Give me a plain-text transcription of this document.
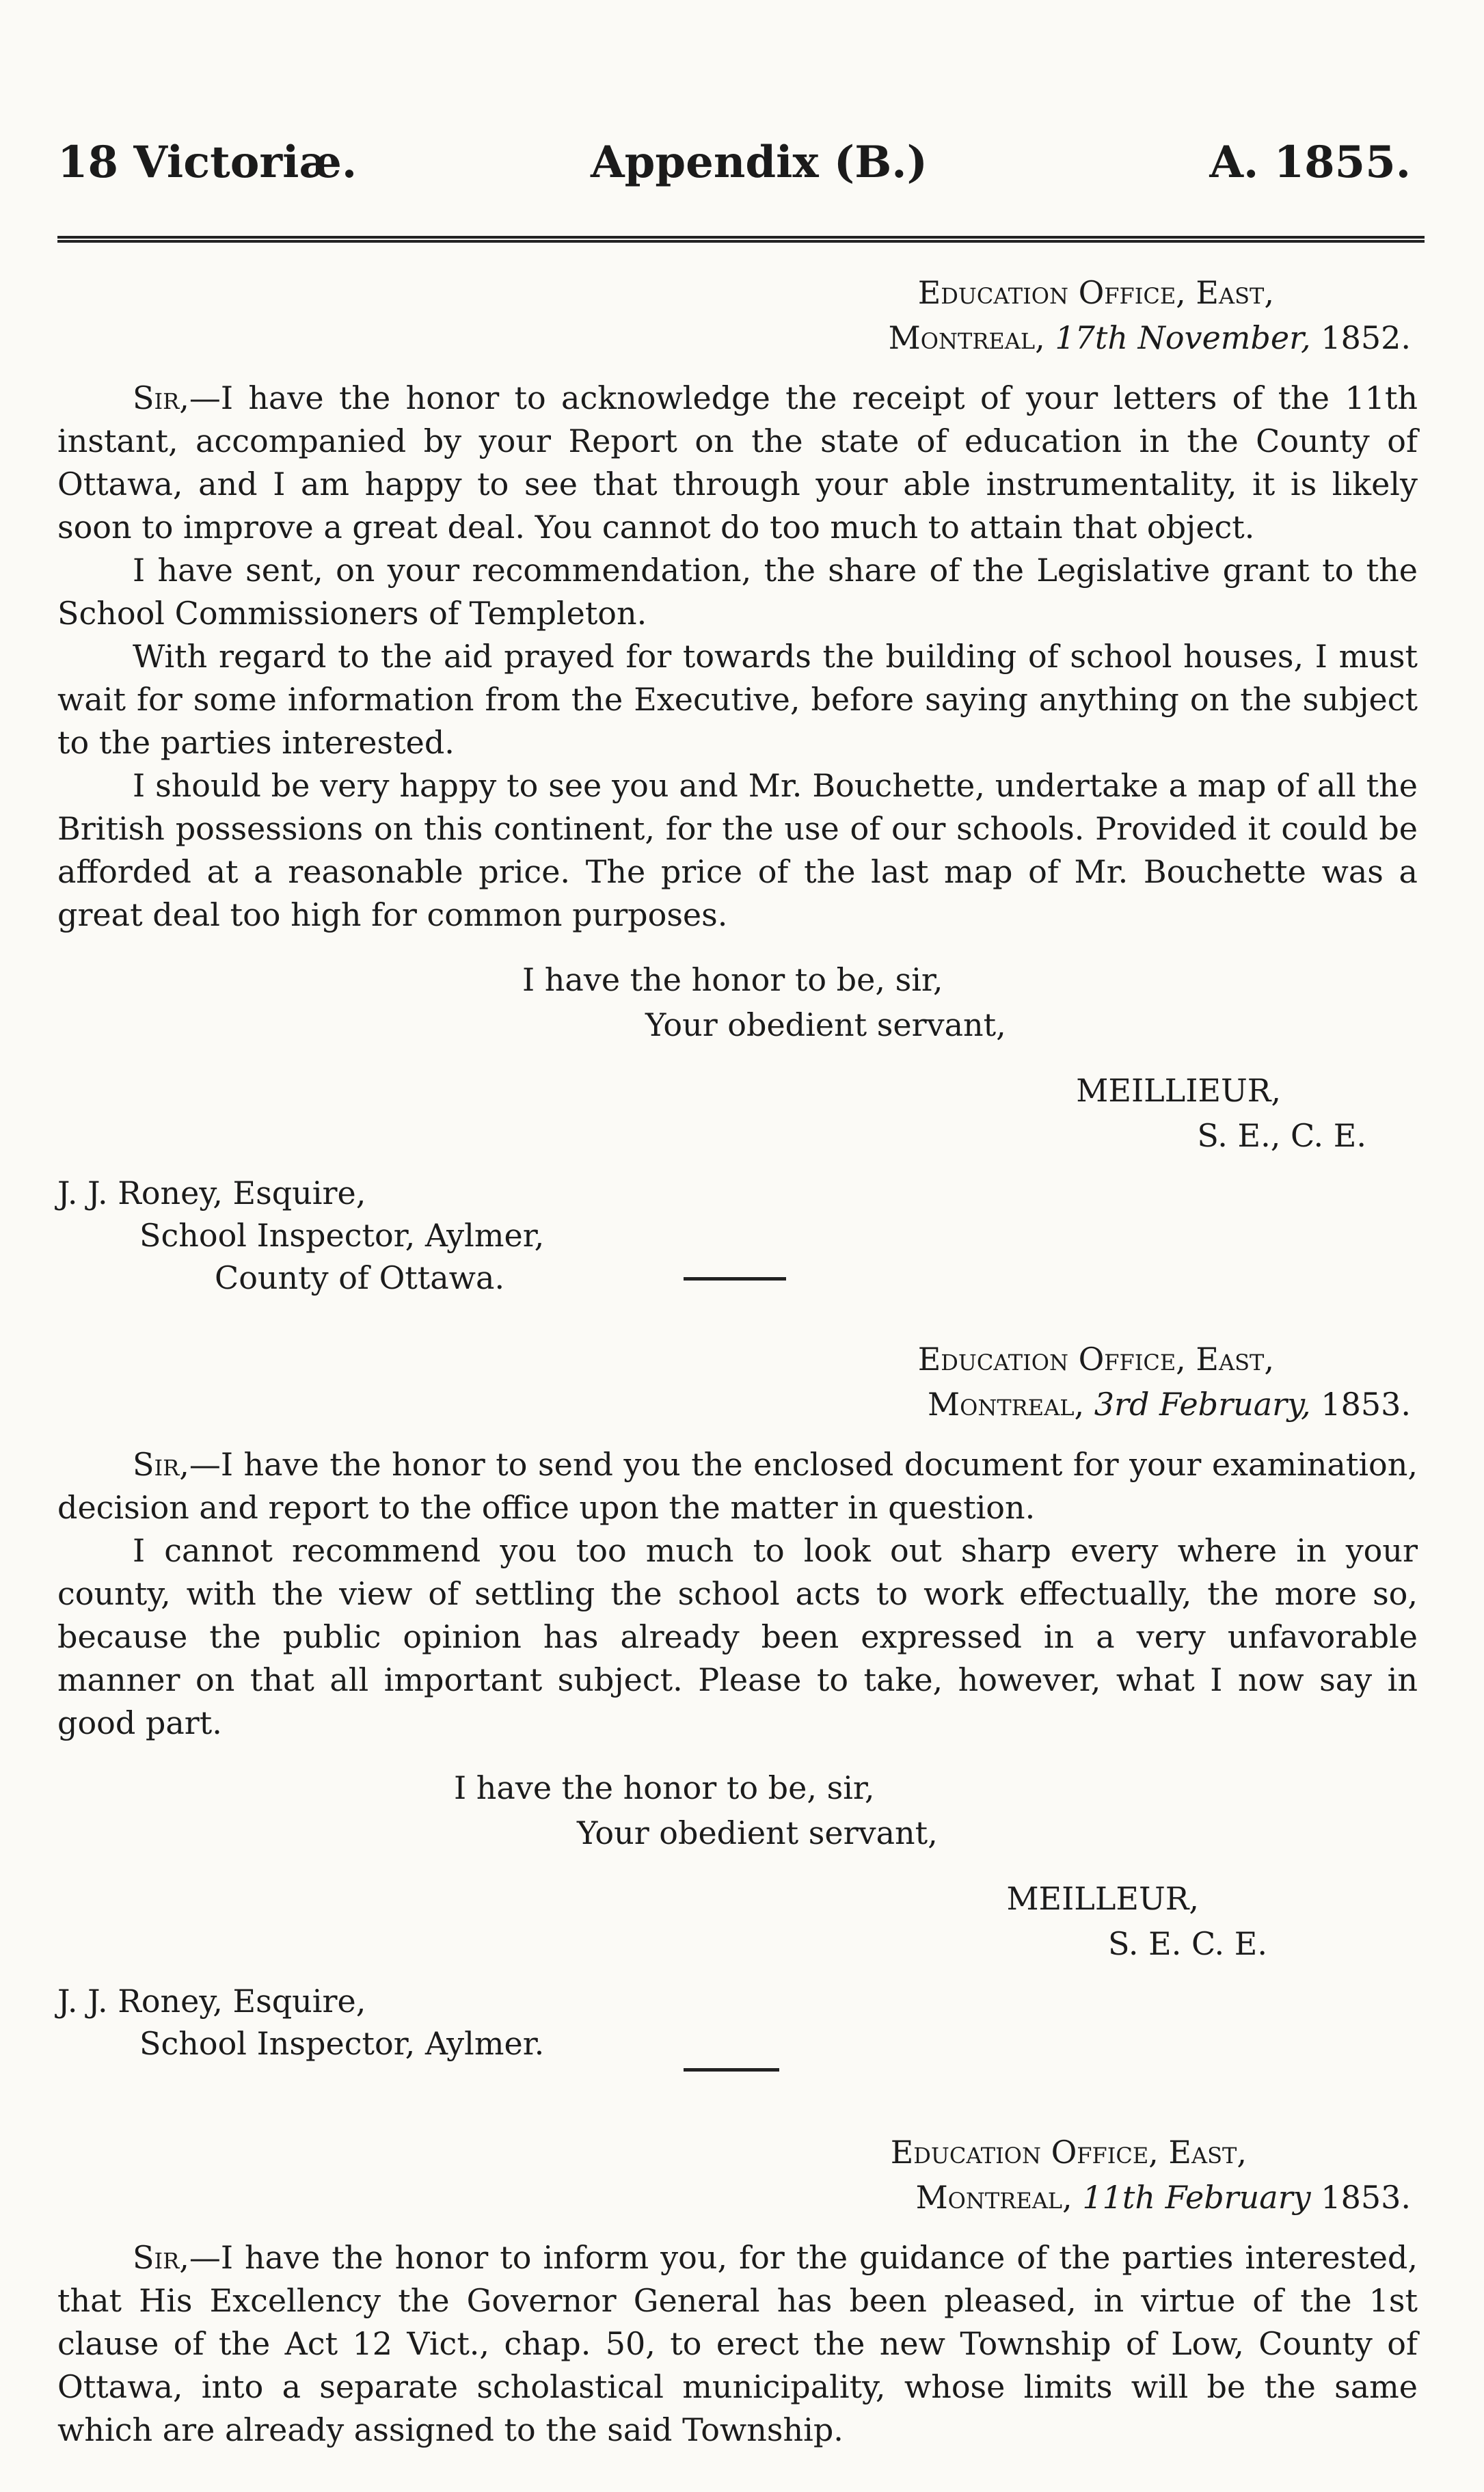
18 Victoriæ.	Appendix (B.)	A. 1855.
Education Office, East,
Montreal, 17th November, 1852.

Sir,—I have the honor to acknowledge the receipt of your letters of the 11th instant, accompanied by your Report on the state of education in the County of Ottawa, and I am happy to see that through your able instrumentality, it is likely soon to improve a great deal. You cannot do too much to attain that object.

I have sent, on your recommendation, the share of the Legislative grant to the School Commissioners of Templeton.

With regard to the aid prayed for towards the building of school houses, I must wait for some information from the Executive, before saying anything on the subject to the parties interested.

I should be very happy to see you and Mr. Bouchette, undertake a map of all the British possessions on this continent, for the use of our schools. Provided it could be afforded at a reasonable price. The price of the last map of Mr. Bouchette was a great deal too high for common purposes.

I have the honor to be, sir,
Your obedient servant,
MEILLIEUR,
S. E., C. E.
J. J. Roney, Esquire,
School Inspector, Aylmer,
County of Ottawa.
Education Office, East,
Montreal, 3rd February, 1853.

Sir,—I have the honor to send you the enclosed document for your examination, decision and report to the office upon the matter in question.

I cannot recommend you too much to look out sharp every where in your county, with the view of settling the school acts to work effectually, the more so, because the public opinion has already been expressed in a very unfavorable manner on that all important subject. Please to take, however, what I now say in good part.

I have the honor to be, sir,
Your obedient servant,
MEILLEUR,
S. E. C. E.
J. J. Roney, Esquire,
School Inspector, Aylmer.
Education Office, East,
Montreal, 11th February 1853.

Sir,—I have the honor to inform you, for the guidance of the parties interested, that His Excellency the Governor General has been pleased, in virtue of the 1st clause of the Act 12 Vict., chap. 50, to erect the new Township of Low, County of Ottawa, into a separate scholastical municipality, whose limits will be the same which are already assigned to the said Township.
